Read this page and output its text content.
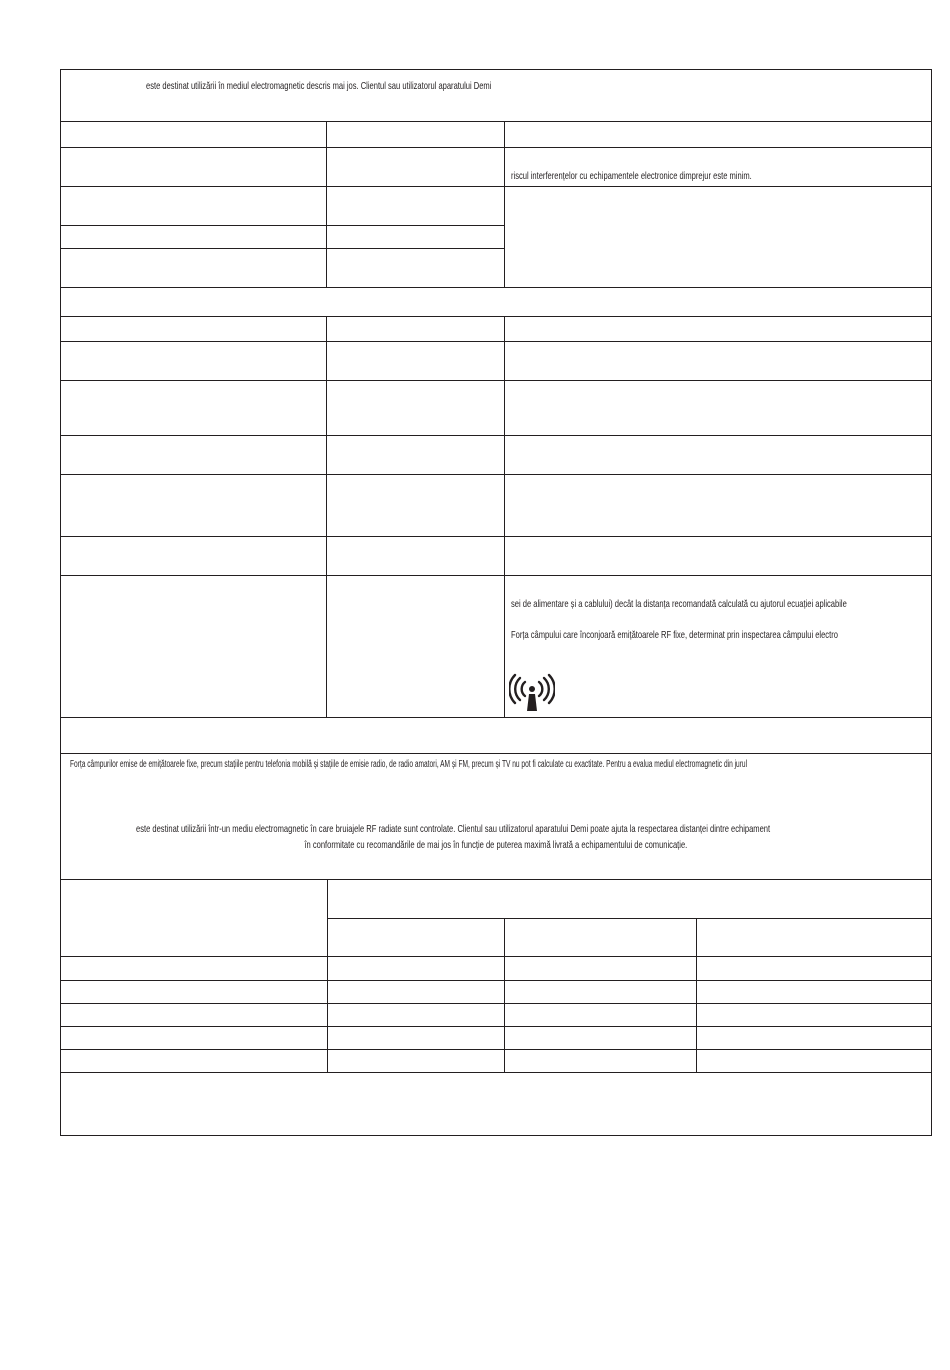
este destinat utilizării în mediul electromagnetic descris mai jos. Clientul sau utilizatorul aparatului Demi
riscul interferențelor cu echipamentele electronice dimprejur este minim.
sei de alimentare și a cablului) decât la distanța recomandată calculată cu ajutorul ecuației aplicabile
Forța câmpului care înconjoară emițătoarele RF fixe, determinat prin inspectarea câmpului electro
Forța câmpurilor emise de emițătoarele fixe, precum stațiile pentru telefonia mobilă și stațiile de emisie radio, de radio amatori, AM și FM, precum și TV nu pot fi calculate cu exactitate. Pentru a evalua mediul electromagnetic din jurul
este destinat utilizării într-un mediu electromagnetic în care bruiajele RF radiate sunt controlate. Clientul sau utilizatorul aparatului Demi poate ajuta la respectarea distanței dintre echipament
în conformitate cu recomandările de mai jos în funcție de puterea maximă livrată a echipamentului de comunicație.
